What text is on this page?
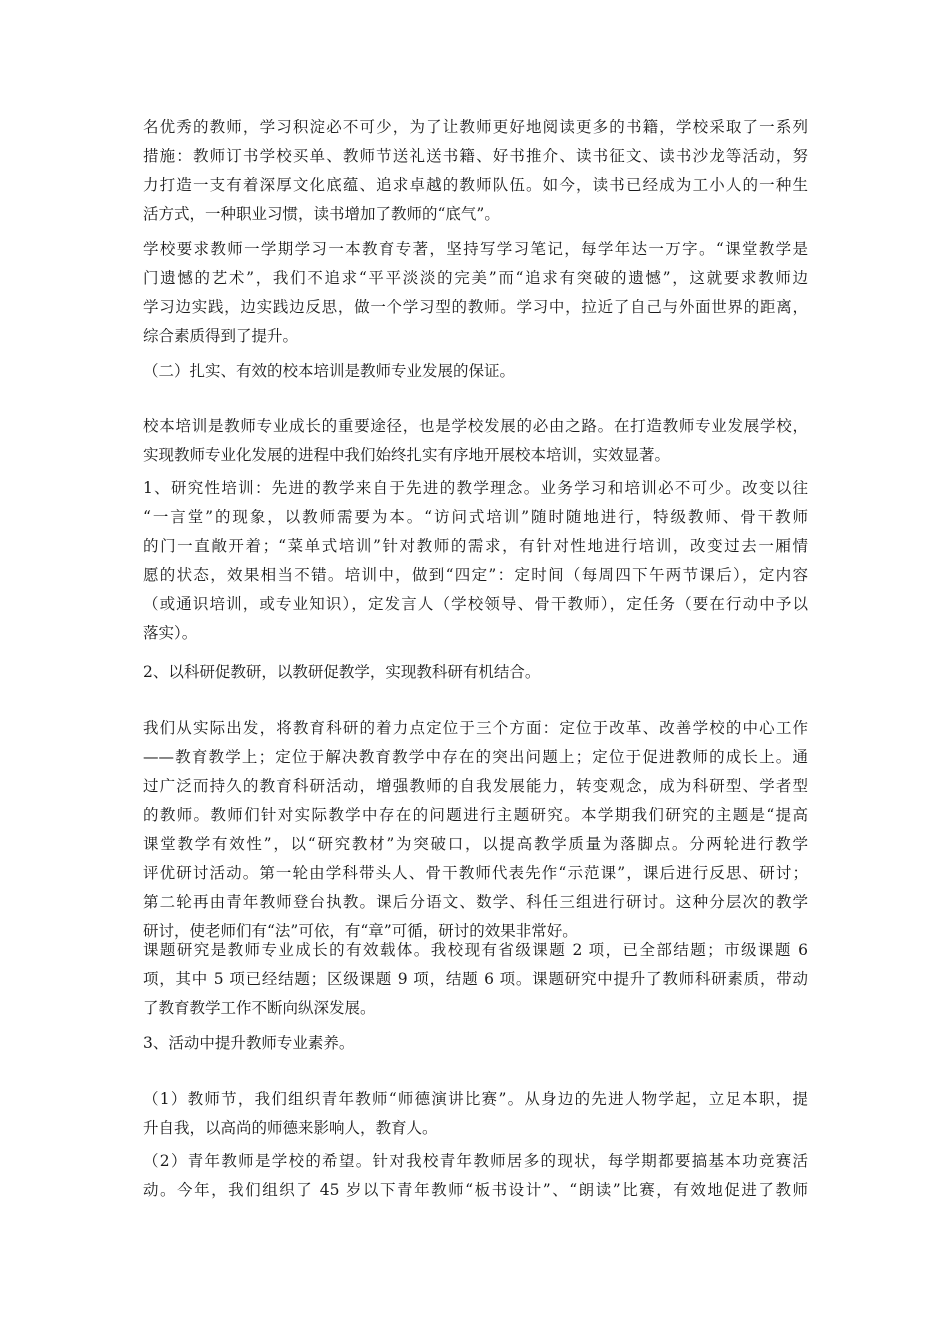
名优秀的教师，学习积淀必不可少，为了让教师更好地阅读更多的书籍，学校采取了一系列
措施：教师订书学校买单、教师节送礼送书籍、好书推介、读书征文、读书沙龙等活动，努
力打造一支有着深厚文化底蕴、追求卓越的教师队伍。如今，读书已经成为工小人的一种生
活方式，一种职业习惯，读书增加了教师的“底气”。
学校要求教师一学期学习一本教育专著，坚持写学习笔记，每学年达一万字。“课堂教学是
门遗憾的艺术”，我们不追求“平平淡淡的完美”而“追求有突破的遗憾”，这就要求教师边
学习边实践，边实践边反思，做一个学习型的教师。学习中，拉近了自己与外面世界的距离，
综合素质得到了提升。
（二）扎实、有效的校本培训是教师专业发展的保证。
校本培训是教师专业成长的重要途径，也是学校发展的必由之路。在打造教师专业发展学校，
实现教师专业化发展的进程中我们始终扎实有序地开展校本培训，实效显著。
1、研究性培训：先进的教学来自于先进的教学理念。业务学习和培训必不可少。改变以往
“一言堂”的现象，以教师需要为本。“访问式培训”随时随地进行，特级教师、骨干教师
的门一直敞开着；“菜单式培训”针对教师的需求，有针对性地进行培训，改变过去一厢情
愿的状态，效果相当不错。培训中，做到“四定”：定时间（每周四下午两节课后），定内容
（或通识培训，或专业知识），定发言人（学校领导、骨干教师），定任务（要在行动中予以
落实）。
2、以科研促教研，以教研促教学，实现教科研有机结合。
我们从实际出发，将教育科研的着力点定位于三个方面：定位于改革、改善学校的中心工作
——教育教学上；定位于解决教育教学中存在的突出问题上；定位于促进教师的成长上。通
过广泛而持久的教育科研活动，增强教师的自我发展能力，转变观念，成为科研型、学者型
的教师。教师们针对实际教学中存在的问题进行主题研究。本学期我们研究的主题是“提高
课堂教学有效性”，以“研究教材”为突破口，以提高教学质量为落脚点。分两轮进行教学
评优研讨活动。第一轮由学科带头人、骨干教师代表先作“示范课”，课后进行反思、研讨；
第二轮再由青年教师登台执教。课后分语文、数学、科任三组进行研讨。这种分层次的教学
研讨，使老师们有“法”可依，有“章”可循，研讨的效果非常好。
课题研究是教师专业成长的有效载体。我校现有省级课题 2 项，已全部结题；市级课题 6
项，其中 5 项已经结题；区级课题 9 项，结题 6 项。课题研究中提升了教师科研素质，带动
了教育教学工作不断向纵深发展。
3、活动中提升教师专业素养。
（1）教师节，我们组织青年教师“师德演讲比赛”。从身边的先进人物学起，立足本职，提
升自我，以高尚的师德来影响人，教育人。
（2）青年教师是学校的希望。针对我校青年教师居多的现状，每学期都要搞基本功竞赛活
动。今年，我们组织了 45 岁以下青年教师“板书设计”、“朗读”比赛，有效地促进了教师
